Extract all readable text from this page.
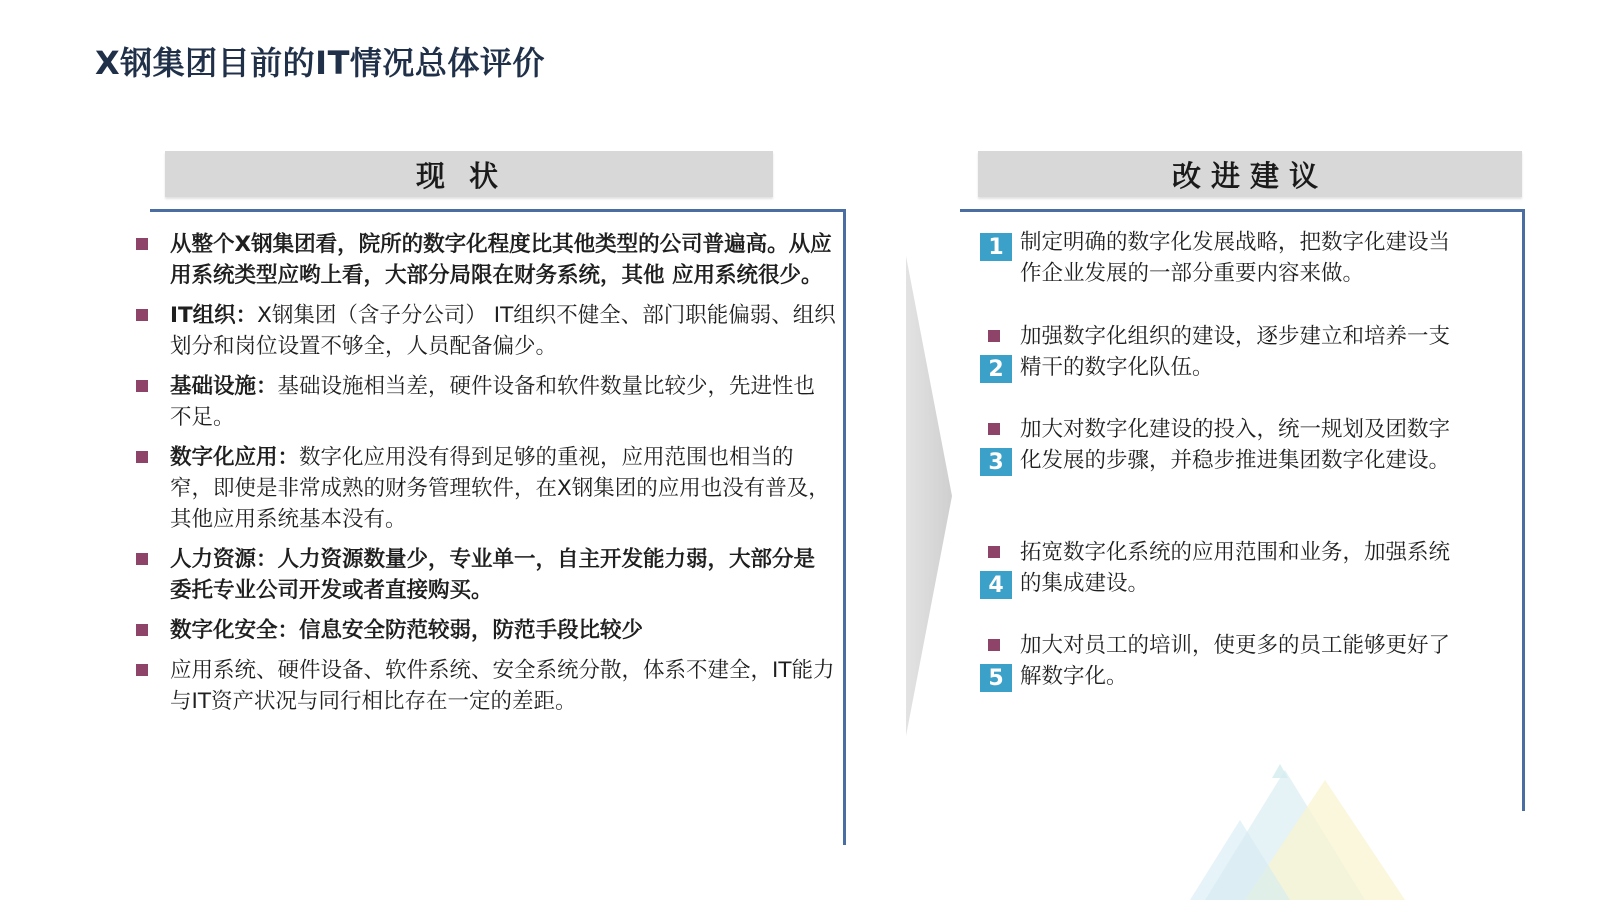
X钢集团目前的IT情况总体评价
现状
从整个X钢集团看，院所的数字化程度比其他类型的公司普遍高。从应用系统类型应哟上看，大部分局限在财务系统，其他 应用系统很少。
IT组织：X钢集团（含子分公司） IT组织不健全、部门职能偏弱、组织划分和岗位设置不够全，人员配备偏少。
基础设施：基础设施相当差，硬件设备和软件数量比较少，先进性也不足。
数字化应用：数字化应用没有得到足够的重视，应用范围也相当的窄，即使是非常成熟的财务管理软件，在X钢集团的应用也没有普及，其他应用系统基本没有。
人力资源：人力资源数量少，专业单一，自主开发能力弱，大部分是委托专业公司开发或者直接购买。
数字化安全：信息安全防范较弱，防范手段比较少
应用系统、硬件设备、软件系统、安全系统分散，体系不建全，IT能力与IT资产状况与同行相比存在一定的差距。
改进建议
1 制定明确的数字化发展战略，把数字化建设当作企业发展的一部分重要内容来做。
2
加强数字化组织的建设，逐步建立和培养一支精干的数字化队伍。
3
加大对数字化建设的投入，统一规划及团数字化发展的步骤，并稳步推进集团数字化建设。
4
拓宽数字化系统的应用范围和业务，加强系统的集成建设。
5
加大对员工的培训，使更多的员工能够更好了解数字化。
